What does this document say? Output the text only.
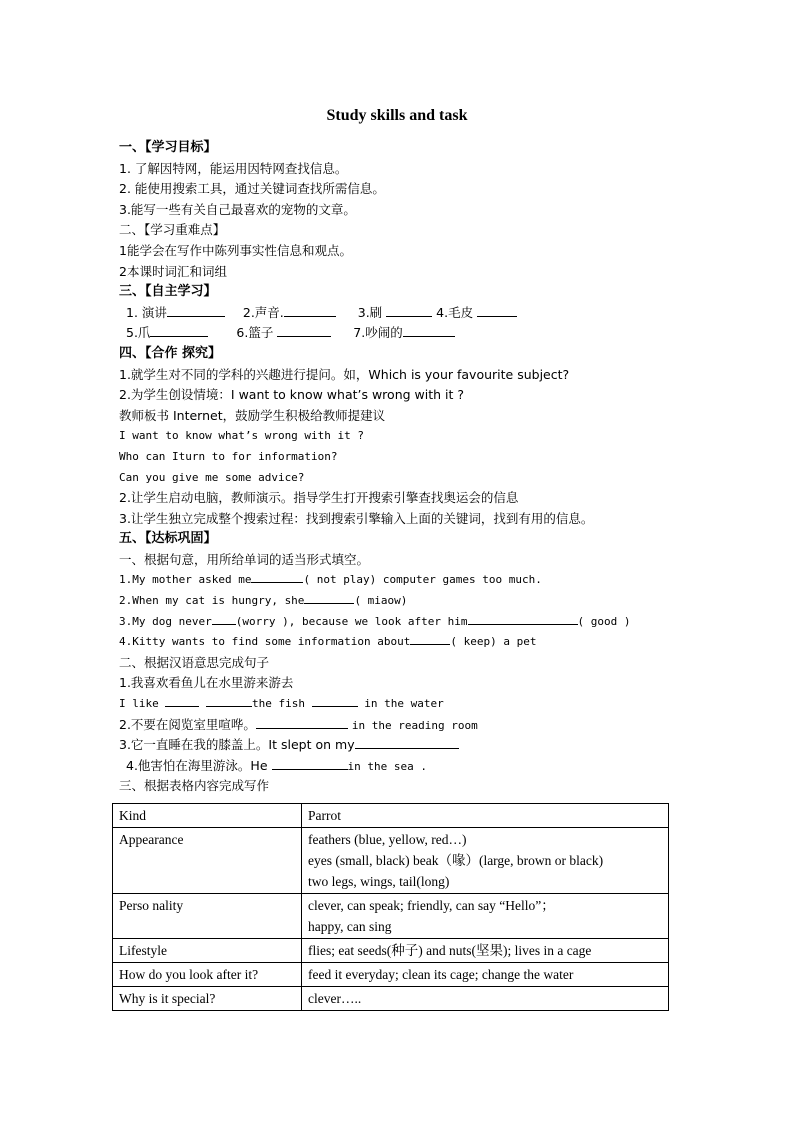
Study skills and task
一、【学习目标】
1. 了解因特网，能运用因特网查找信息。
2. 能使用搜索工具，通过关键词查找所需信息。
3.能写一些有关自己最喜欢的宠物的文章。
二、【学习重难点】
1能学会在写作中陈列事实性信息和观点。
2本课时词汇和词组
三、【自主学习】
1. 演讲	2.声音.	3.刷	4.毛皮
5.爪	6.篮子	7.吵闹的
四、【合作 探究】
1.就学生对不同的学科的兴趣进行提问。如，Which is your favourite subject?
2.为学生创设情境：I want to know what’s wrong with it ?
教师板书 Internet，鼓励学生积极给教师提建议
I want to know what’s wrong with it ?
Who can Iturn to for information?
Can you give me some advice?
2.让学生启动电脑，教师演示。指导学生打开搜索引擎查找奥运会的信息
3.让学生独立完成整个搜索过程：找到搜索引擎输入上面的关键词，找到有用的信息。
五、【达标巩固】
一、根据句意，用所给单词的适当形式填空。
1.My mother asked me	( not play) computer games too much.
2.When my cat is hungry, she	( miaow)
3.My dog never (worry ), because we look after him	( good )
4.Kitty wants to find some information about	( keep) a pet
二、根据汉语意思完成句子
1.我喜欢看鱼儿在水里游来游去
I like	the fish	in the water
2.不要在阅览室里喧哗。	in the reading room
3.它一直睡在我的膝盖上。It slept on my
4.他害怕在海里游泳。He	in the sea .
三、根据表格内容完成写作
Kind	Parrot
Appearance	feathers (blue, yellow, red…)
eyes (small, black) beak（喙）(large, brown or black)
two legs, wings, tail(long)

Perso nality	clever, can speak; friendly, can say “Hello”；
happy, can sing

Lifestyle	flies; eat seeds(种子) and nuts(坚果); lives in a cage
How do you look after it?	feed it everyday; clean its cage; change the water
Why is it special?	clever…..
